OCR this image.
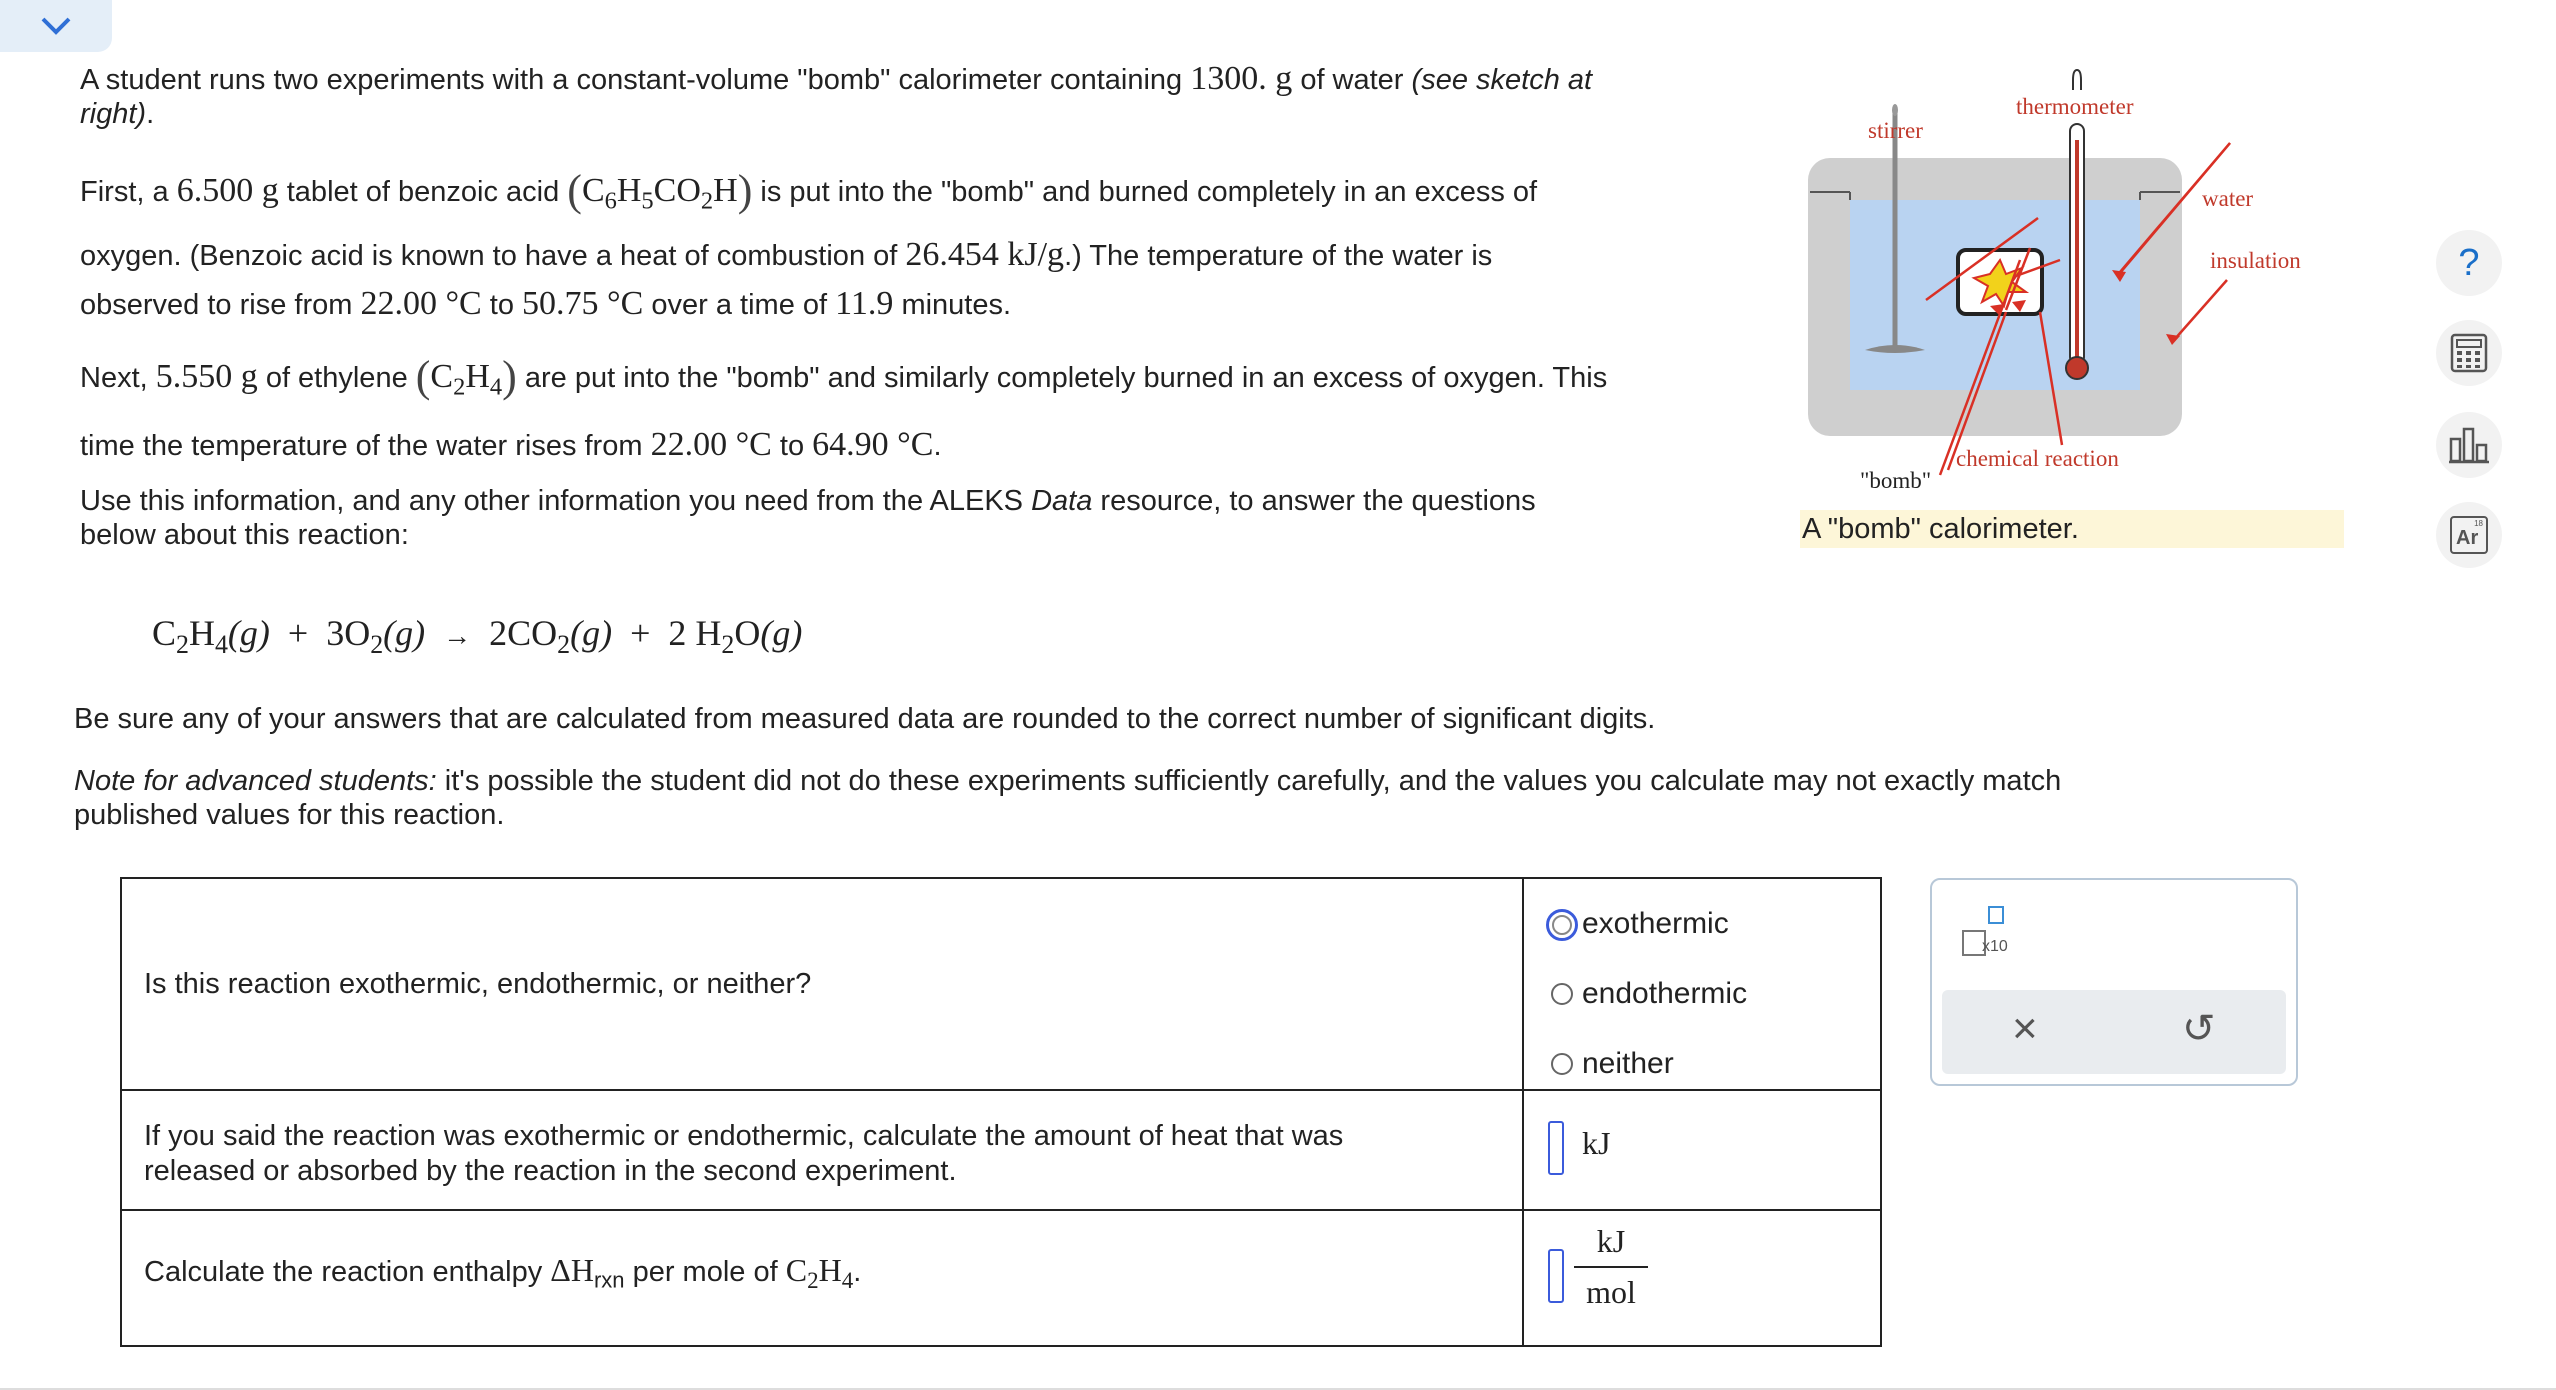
A student runs two experiments with a constant-volume "bomb" calorimeter containing 1300. g of water (see sketch at
right).
First, a 6.500 g tablet of benzoic acid $(C_6H_5CO_2H)$ is put into the "bomb" and burned completely in an excess of
oxygen. (Benzoic acid is known to have a heat of combustion of 26.454 kJ/g.) The temperature of the water is
observed to rise from 22.00 °C to 50.75 °C over a time of 11.9 minutes.
Next, 5.550 g of ethylene $(C_2H_4)$ are put into the "bomb" and similarly completely burned in an excess of oxygen. This
time the temperature of the water rises from 22.00 °C to 64.90 °C.
Use this information, and any other information you need from the ALEKS Data resource, to answer the questions
below about this reaction:
$C_2H_4(g) + 3O_2(g) \to 2CO_2(g) + 2$ $H_2O(g)$
Be sure any of your answers that are calculated from measured data are rounded to the correct number of significant digits.
Note for advanced students: it's possible the student did not do these experiments sufficiently carefully, and the values you calculate may not exactly match
published values for this reaction.
stirrer
thermometer
water
insulation
chemical reaction
"bomb"
A "bomb" calorimeter.
?
18
Ar
Is this reaction exothermic, endothermic, or neither?
exothermic
endothermic
neither
If you said the reaction was exothermic or endothermic, calculate the amount of heat that was
released or absorbed by the reaction in the second experiment.
kJ
Calculate the reaction enthalpy $\Delta H_{rxn}$ per mole of $C_2H_4$.
kJ
mol
x10
×	↺
